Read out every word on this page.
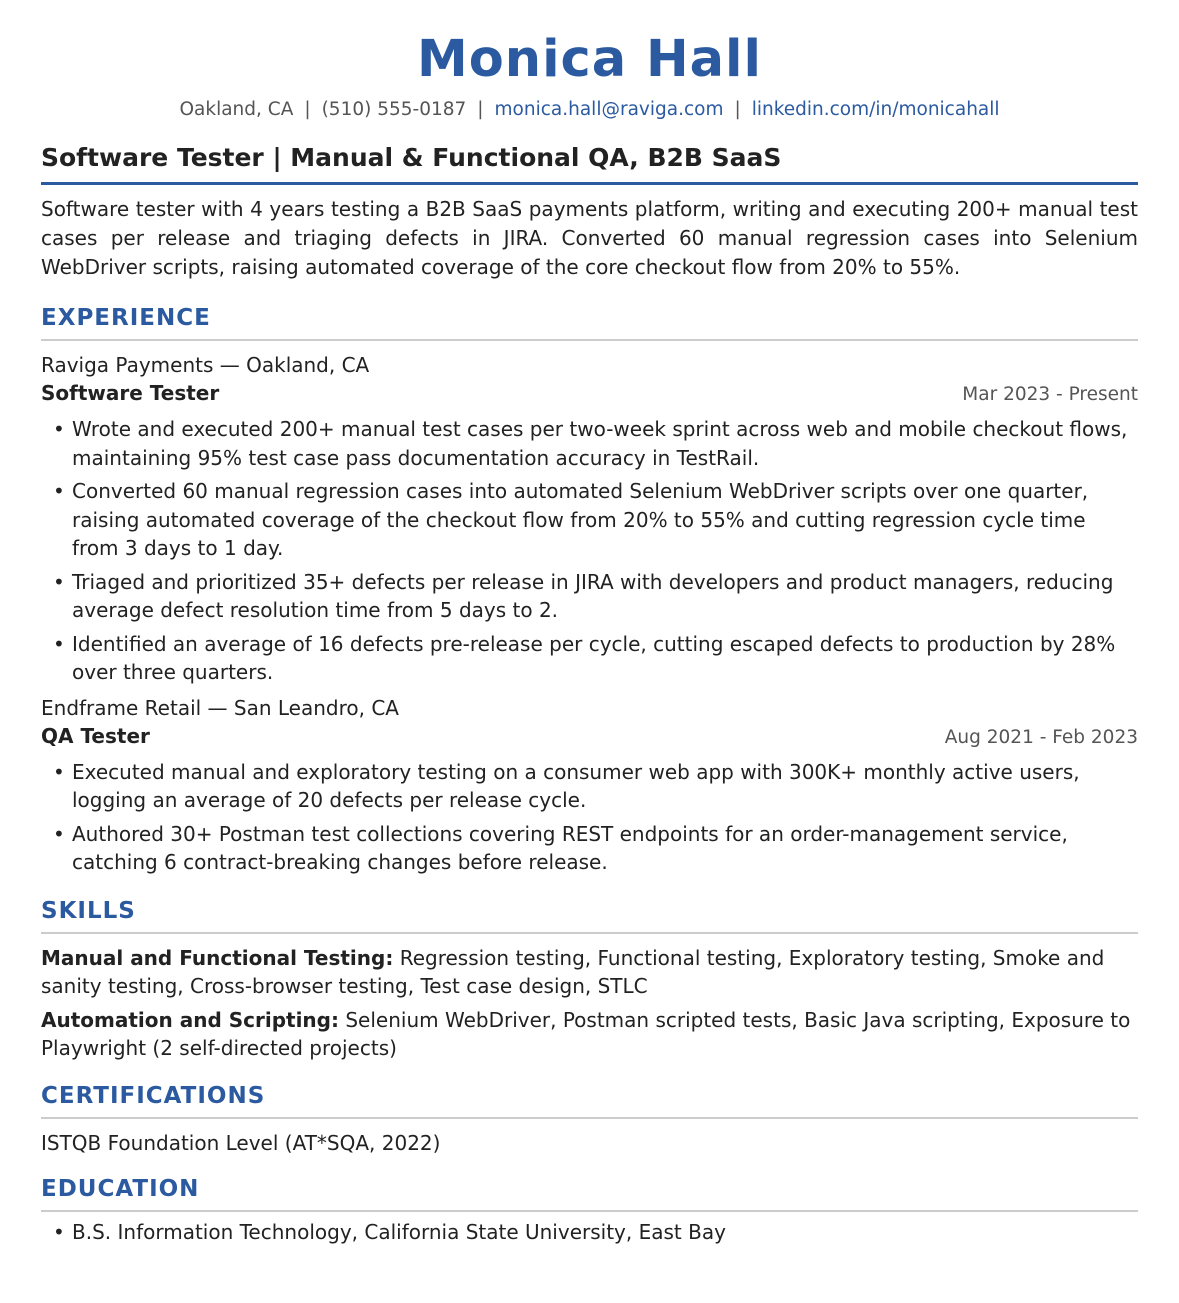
Monica Hall
Oakland, CA | (510) 555-0187 | monica.hall@raviga.com | linkedin.com/in/monicahall
Software Tester | Manual & Functional QA, B2B SaaS

Software tester with 4 years testing a B2B SaaS payments platform, writing and executing 200+ manual test cases per release and triaging defects in JIRA. Converted 60 manual regression cases into Selenium WebDriver scripts, raising automated coverage of the core checkout flow from 20% to 55%.

EXPERIENCE
Raviga Payments — Oakland, CA
Software Tester	Mar 2023 - Present
• Wrote and executed 200+ manual test cases per two-week sprint across web and mobile checkout flows, maintaining 95% test case pass documentation accuracy in TestRail.
• Converted 60 manual regression cases into automated Selenium WebDriver scripts over one quarter, raising automated coverage of the checkout flow from 20% to 55% and cutting regression cycle time from 3 days to 1 day.
• Triaged and prioritized 35+ defects per release in JIRA with developers and product managers, reducing average defect resolution time from 5 days to 2.
• Identified an average of 16 defects pre-release per cycle, cutting escaped defects to production by 28% over three quarters.
Endframe Retail — San Leandro, CA
QA Tester	Aug 2021 - Feb 2023
• Executed manual and exploratory testing on a consumer web app with 300K+ monthly active users, logging an average of 20 defects per release cycle.
• Authored 30+ Postman test collections covering REST endpoints for an order-management service, catching 6 contract-breaking changes before release.
SKILLS
Manual and Functional Testing: Regression testing, Functional testing, Exploratory testing, Smoke and sanity testing, Cross-browser testing, Test case design, STLC
Automation and Scripting: Selenium WebDriver, Postman scripted tests, Basic Java scripting, Exposure to Playwright (2 self-directed projects)
CERTIFICATIONS
ISTQB Foundation Level (AT*SQA, 2022)
EDUCATION
• B.S. Information Technology, California State University, East Bay
